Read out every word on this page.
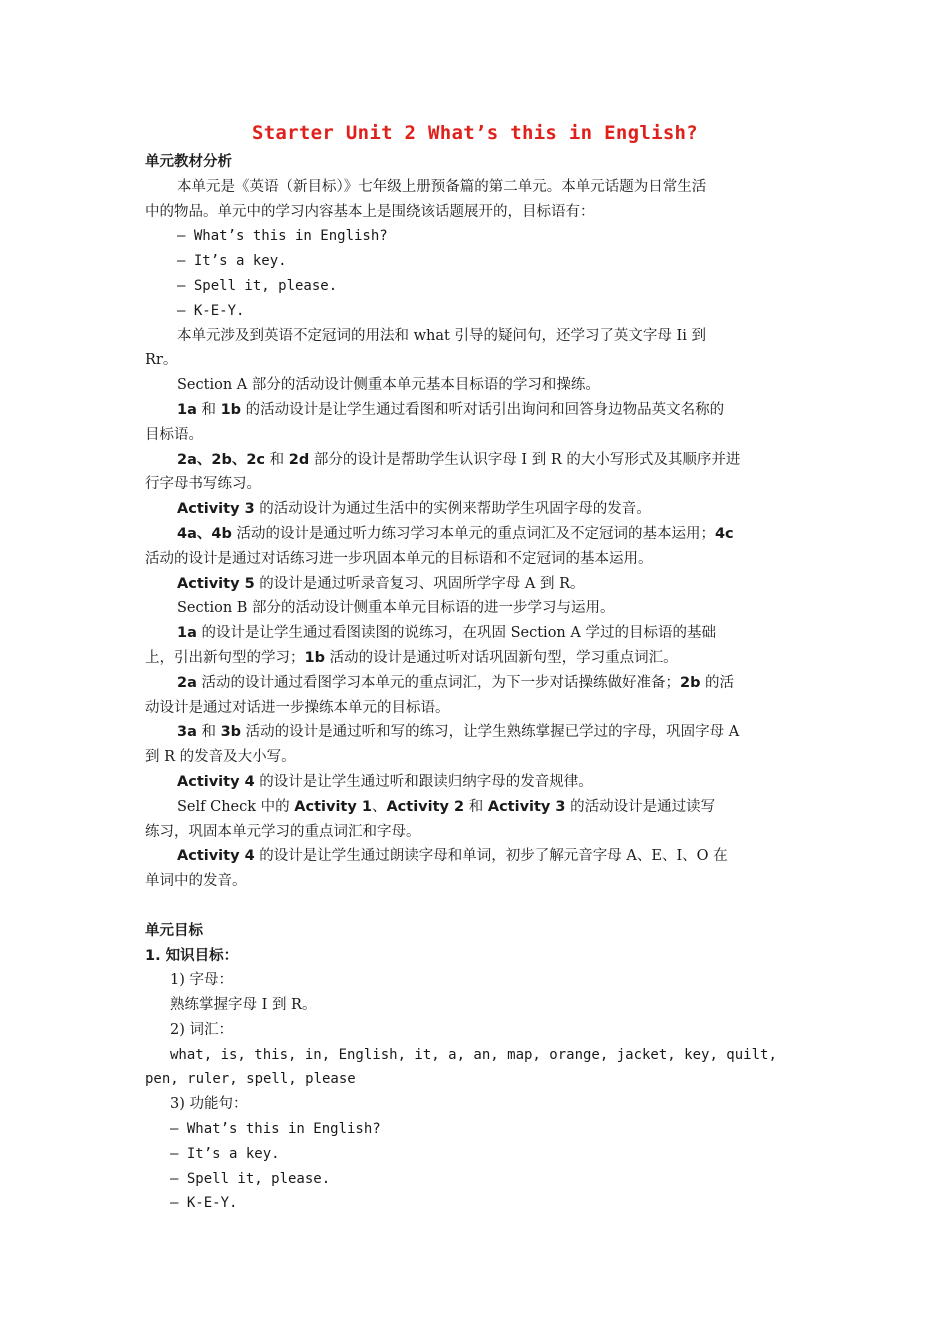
Starter Unit 2 What’s this in English?
单元教材分析
本单元是《英语（新目标）》七年级上册预备篇的第二单元。本单元话题为日常生活
中的物品。单元中的学习内容基本上是围绕该话题展开的，目标语有：
— What’s this in English?
— It’s a key.
— Spell it, please.
— K-E-Y.
本单元涉及到英语不定冠词的用法和 what 引导的疑问句，还学习了英文字母 Ii 到
Rr。
Section A 部分的活动设计侧重本单元基本目标语的学习和操练。
1a 和 1b 的活动设计是让学生通过看图和听对话引出询问和回答身边物品英文名称的
目标语。
2a、2b、2c 和 2d 部分的设计是帮助学生认识字母 I 到 R 的大小写形式及其顺序并进
行字母书写练习。
Activity 3 的活动设计为通过生活中的实例来帮助学生巩固字母的发音。
4a、4b 活动的设计是通过听力练习学习本单元的重点词汇及不定冠词的基本运用；4c
活动的设计是通过对话练习进一步巩固本单元的目标语和不定冠词的基本运用。
Activity 5 的设计是通过听录音复习、巩固所学字母 A 到 R。
Section B 部分的活动设计侧重本单元目标语的进一步学习与运用。
1a 的设计是让学生通过看图读图的说练习，在巩固 Section A 学过的目标语的基础
上，引出新句型的学习；1b 活动的设计是通过听对话巩固新句型，学习重点词汇。
2a 活动的设计通过看图学习本单元的重点词汇，为下一步对话操练做好准备；2b 的活
动设计是通过对话进一步操练本单元的目标语。
3a 和 3b 活动的设计是通过听和写的练习，让学生熟练掌握已学过的字母，巩固字母 A
到 R 的发音及大小写。
Activity 4 的设计是让学生通过听和跟读归纳字母的发音规律。
Self Check 中的 Activity 1、Activity 2 和 Activity 3 的活动设计是通过读写
练习，巩固本单元学习的重点词汇和字母。
Activity 4 的设计是让学生通过朗读字母和单词，初步了解元音字母 A、E、I、O 在
单词中的发音。
单元目标
1. 知识目标：
1) 字母：
熟练掌握字母 I 到 R。
2) 词汇：
what, is, this, in, English, it, a, an, map, orange, jacket, key, quilt,
pen, ruler, spell, please
3) 功能句：
— What’s this in English?
— It’s a key.
— Spell it, please.
— K-E-Y.
